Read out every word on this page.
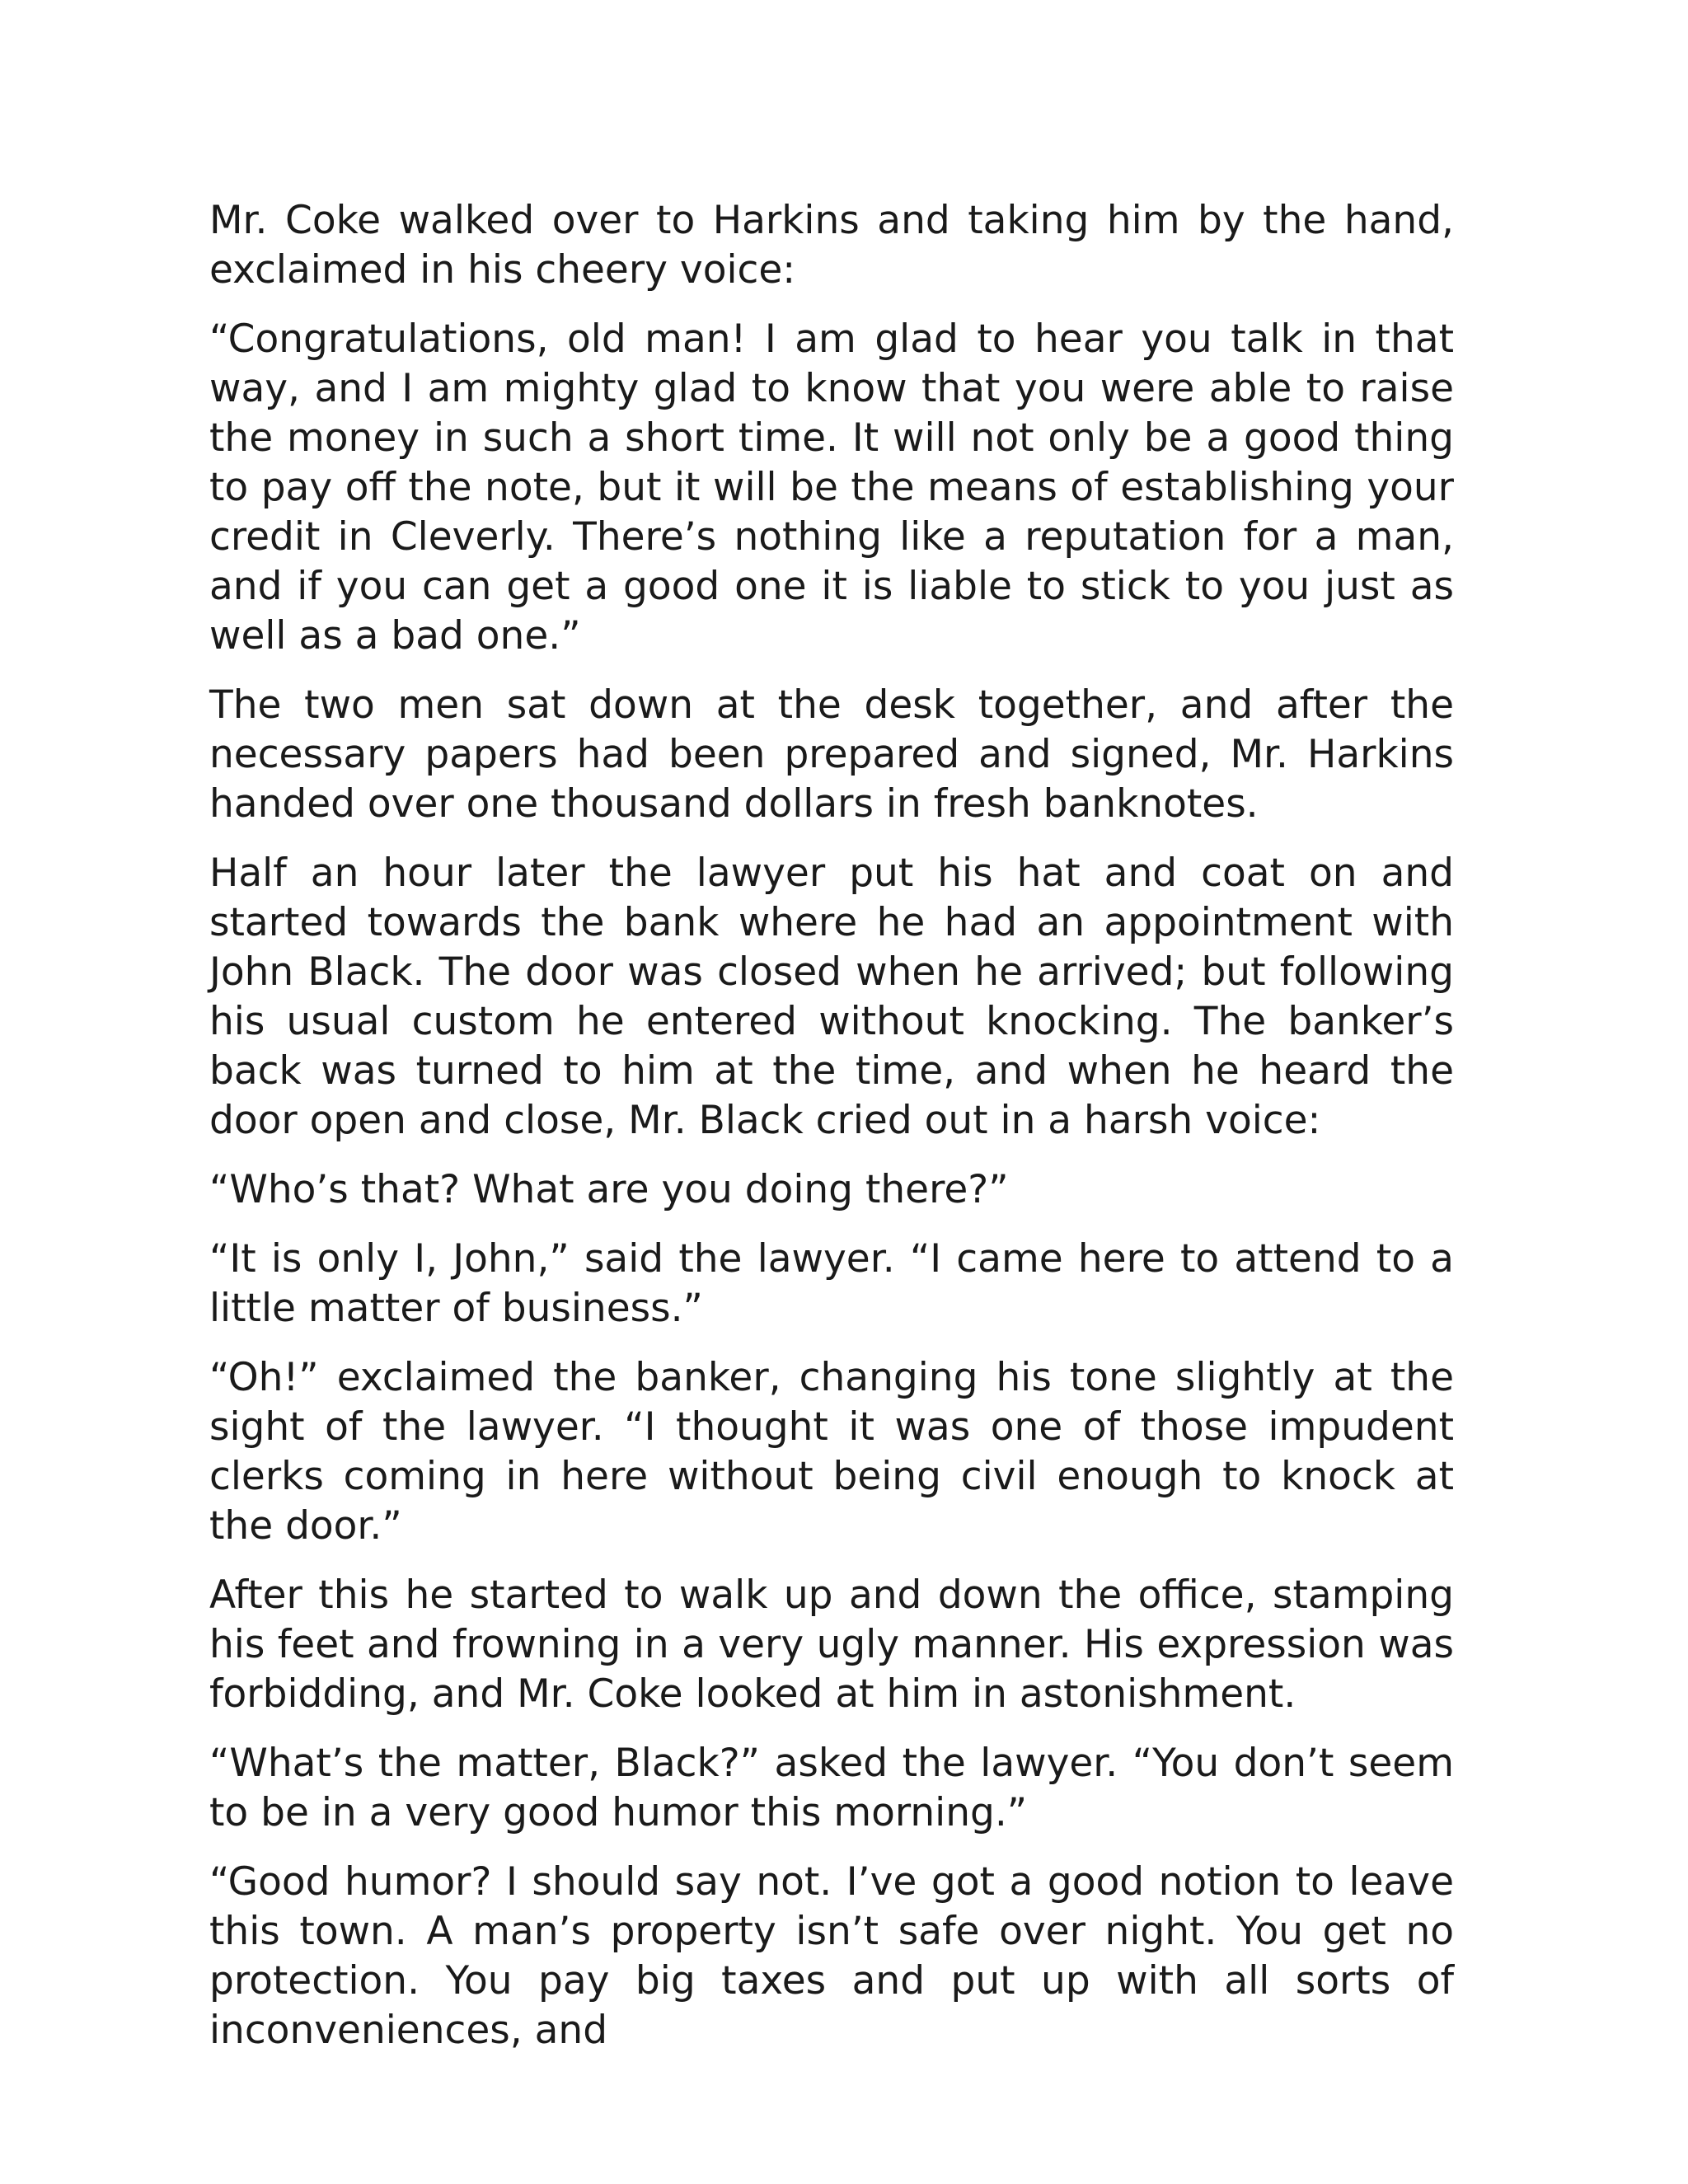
Mr. Coke walked over to Harkins and taking him by the hand, exclaimed in his cheery voice:

“Congratulations, old man! I am glad to hear you talk in that way, and I am mighty glad to know that you were able to raise the money in such a short time. It will not only be a good thing to pay off the note, but it will be the means of establishing your credit in Cleverly. There’s nothing like a reputation for a man, and if you can get a good one it is liable to stick to you just as well as a bad one.”

The two men sat down at the desk together, and after the necessary papers had been prepared and signed, Mr. Harkins handed over one thousand dollars in fresh banknotes.

Half an hour later the lawyer put his hat and coat on and started towards the bank where he had an appointment with John Black. The door was closed when he arrived; but following his usual custom he entered without knocking. The banker’s back was turned to him at the time, and when he heard the door open and close, Mr. Black cried out in a harsh voice:

“Who’s that? What are you doing there?”

“It is only I, John,” said the lawyer. “I came here to attend to a little matter of business.”

“Oh!” exclaimed the banker, changing his tone slightly at the sight of the lawyer. “I thought it was one of those impudent clerks coming in here without being civil enough to knock at the door.”

After this he started to walk up and down the office, stamping his feet and frowning in a very ugly manner. His expression was forbidding, and Mr. Coke looked at him in astonishment.

“What’s the matter, Black?” asked the lawyer. “You don’t seem to be in a very good humor this morning.”

“Good humor? I should say not. I’ve got a good notion to leave this town. A man’s property isn’t safe over night. You get no protection. You pay big taxes and put up with all sorts of inconveniences, and
